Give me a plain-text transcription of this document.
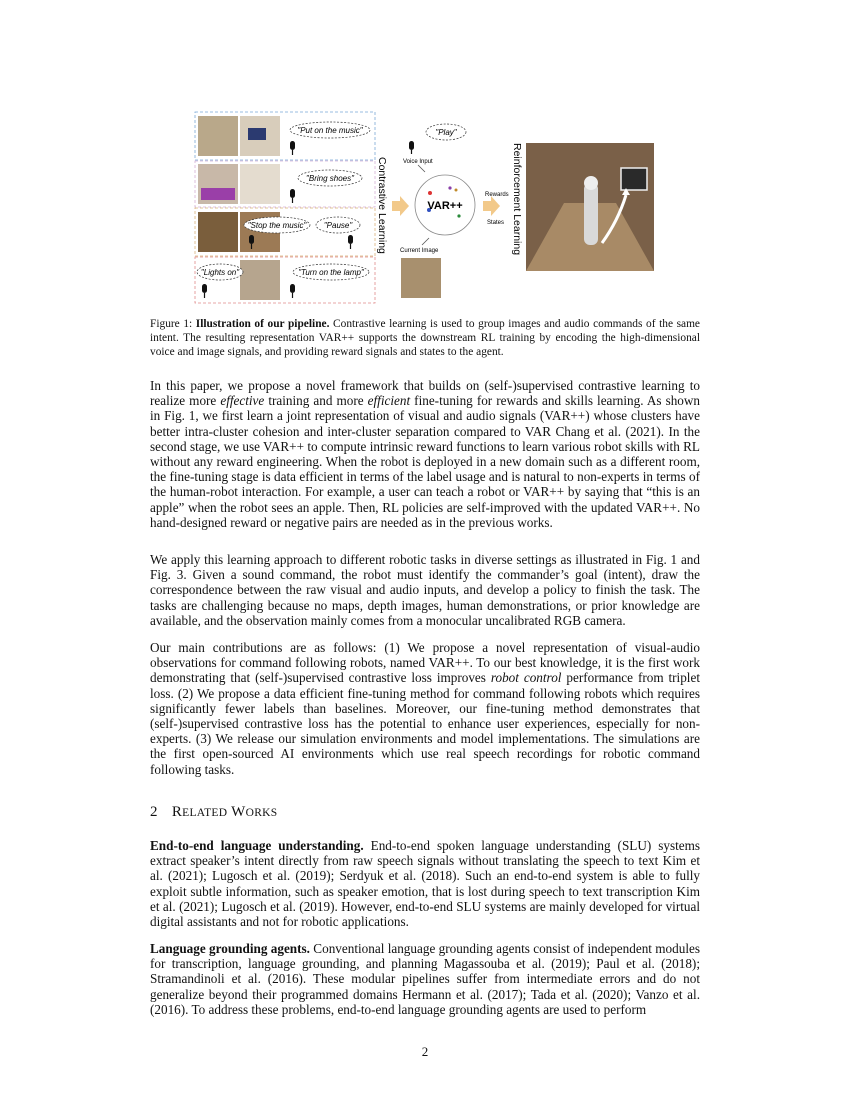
"Put on the music"
"Bring shoes"
"Stop the music" "Pause"
"Lights on"	"Turn on the lamp"
Contrastive Learning
"Play"
Voice Input
VAR++
Current Image
Rewards
States Reinforcement Learning
Figure 1: Illustration of our pipeline. Contrastive learning is used to group images and audio commands of the same intent. The resulting representation VAR++ supports the downstream RL training by encoding the high-dimensional voice and image signals, and providing reward signals and states to the agent.

In this paper, we propose a novel framework that builds on (self-)supervised contrastive learning to realize more effective training and more efficient fine-tuning for rewards and skills learning. As shown in Fig. 1, we first learn a joint representation of visual and audio signals (VAR++) whose clusters have better intra-cluster cohesion and inter-cluster separation compared to VAR Chang et al. (2021). In the second stage, we use VAR++ to compute intrinsic reward functions to learn various robot skills with RL without any reward engineering. When the robot is deployed in a new domain such as a different room, the fine-tuning stage is data efficient in terms of the label usage and is natural to non-experts in terms of the human-robot interaction. For example, a user can teach a robot or VAR++ by saying that “this is an apple” when the robot sees an apple. Then, RL policies are self-improved with the updated VAR++. No hand-designed reward or negative pairs are needed as in the previous works.

We apply this learning approach to different robotic tasks in diverse settings as illustrated in Fig. 1 and Fig. 3. Given a sound command, the robot must identify the commander’s goal (intent), draw the correspondence between the raw visual and audio inputs, and develop a policy to finish the task. The tasks are challenging because no maps, depth images, human demonstrations, or prior knowledge are available, and the observation mainly comes from a monocular uncalibrated RGB camera.

Our main contributions are as follows: (1) We propose a novel representation of visual-audio observations for command following robots, named VAR++. To our best knowledge, it is the first work demonstrating that (self-)supervised contrastive loss improves robot control performance from triplet loss. (2) We propose a data efficient fine-tuning method for command following robots which requires significantly fewer labels than baselines. Moreover, our fine-tuning method demonstrates that (self-)supervised contrastive loss has the potential to enhance user experiences, especially for non-experts. (3) We release our simulation environments and model implementations. The simulations are the first open-sourced AI environments which use real speech recordings for robotic command following tasks.

2 RELATED WORKS

End-to-end language understanding. End-to-end spoken language understanding (SLU) systems extract speaker’s intent directly from raw speech signals without translating the speech to text Kim et al. (2021); Lugosch et al. (2019); Serdyuk et al. (2018). Such an end-to-end system is able to fully exploit subtle information, such as speaker emotion, that is lost during speech to text transcription Kim et al. (2021); Lugosch et al. (2019). However, end-to-end SLU systems are mainly developed for virtual digital assistants and not for robotic applications.

Language grounding agents. Conventional language grounding agents consist of independent modules for transcription, language grounding, and planning Magassouba et al. (2019); Paul et al. (2018); Stramandinoli et al. (2016). These modular pipelines suffer from intermediate errors and do not generalize beyond their programmed domains Hermann et al. (2017); Tada et al. (2020); Vanzo et al. (2016). To address these problems, end-to-end language grounding agents are used to perform

2
